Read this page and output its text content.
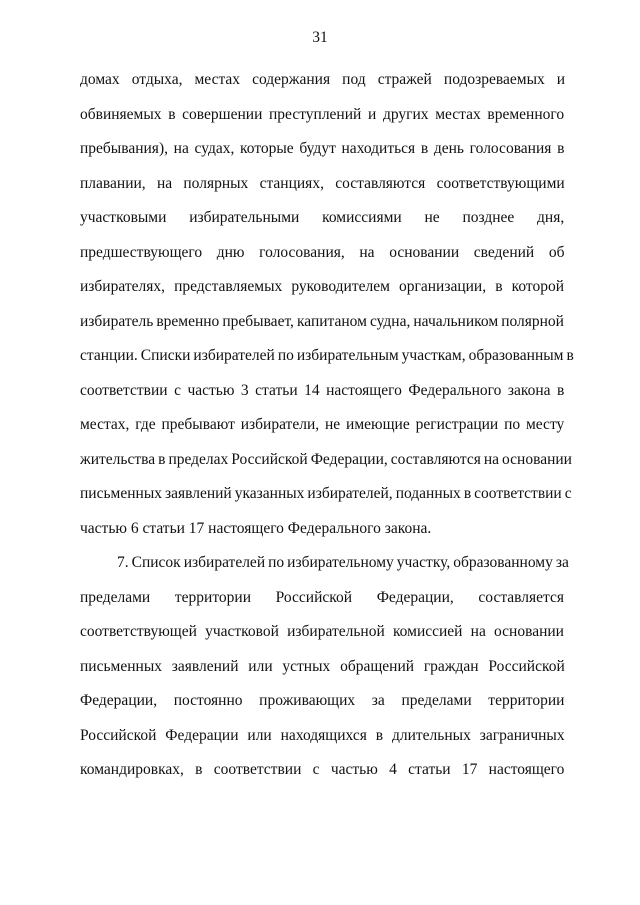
31
домах отдыха, местах содержания под стражей подозреваемых и
обвиняемых в совершении преступлений и других местах временного
пребывания), на судах, которые будут находиться в день голосования в
плавании, на полярных станциях, составляются соответствующими
участковыми избирательными комиссиями не позднее дня,
предшествующего дню голосования, на основании сведений об
избирателях, представляемых руководителем организации, в которой
избиратель временно пребывает, капитаном судна, начальником полярной
станции. Списки избирателей по избирательным участкам, образованным в
соответствии с частью 3 статьи 14 настоящего Федерального закона в
местах, где пребывают избиратели, не имеющие регистрации по месту
жительства в пределах Российской Федерации, составляются на основании
письменных заявлений указанных избирателей, поданных в соответствии с
частью 6 статьи 17 настоящего Федерального закона.
7. Список избирателей по избирательному участку, образованному за
пределами территории Российской Федерации, составляется
соответствующей участковой избирательной комиссией на основании
письменных заявлений или устных обращений граждан Российской
Федерации, постоянно проживающих за пределами территории
Российской Федерации или находящихся в длительных заграничных
командировках, в соответствии с частью 4 статьи 17 настоящего
